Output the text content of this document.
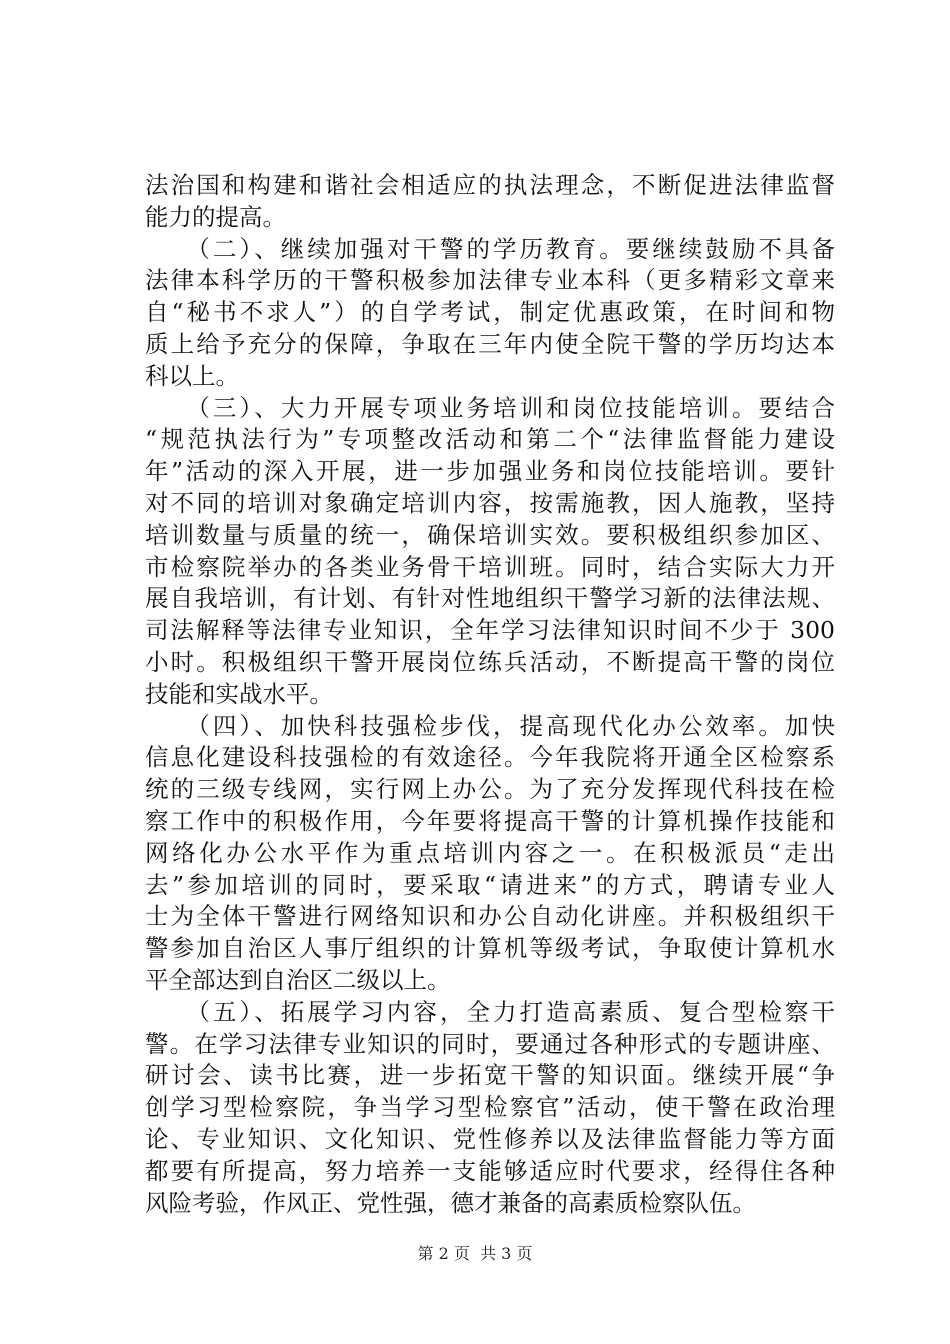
法治国和构建和谐社会相适应的执法理念，不断促进法律监督
能力的提高。
　　（二）、继续加强对干警的学历教育。要继续鼓励不具备
法律本科学历的干警积极参加法律专业本科（更多精彩文章来
自“秘书不求人”）的自学考试，制定优惠政策，在时间和物
质上给予充分的保障，争取在三年内使全院干警的学历均达本
科以上。
　　（三）、大力开展专项业务培训和岗位技能培训。要结合
“规范执法行为”专项整改活动和第二个“法律监督能力建设
年”活动的深入开展，进一步加强业务和岗位技能培训。要针
对不同的培训对象确定培训内容，按需施教，因人施教，坚持
培训数量与质量的统一，确保培训实效。要积极组织参加区、
市检察院举办的各类业务骨干培训班。同时，结合实际大力开
展自我培训，有计划、有针对性地组织干警学习新的法律法规、
司法解释等法律专业知识，全年学习法律知识时间不少于 300
小时。积极组织干警开展岗位练兵活动，不断提高干警的岗位
技能和实战水平。
　　（四）、加快科技强检步伐，提高现代化办公效率。加快
信息化建设科技强检的有效途径。今年我院将开通全区检察系
统的三级专线网，实行网上办公。为了充分发挥现代科技在检
察工作中的积极作用，今年要将提高干警的计算机操作技能和
网络化办公水平作为重点培训内容之一。在积极派员“走出
去”参加培训的同时，要采取“请进来”的方式，聘请专业人
士为全体干警进行网络知识和办公自动化讲座。并积极组织干
警参加自治区人事厅组织的计算机等级考试，争取使计算机水
平全部达到自治区二级以上。
　　（五）、拓展学习内容，全力打造高素质、复合型检察干
警。在学习法律专业知识的同时，要通过各种形式的专题讲座、
研讨会、读书比赛，进一步拓宽干警的知识面。继续开展“争
创学习型检察院，争当学习型检察官”活动，使干警在政治理
论、专业知识、文化知识、党性修养以及法律监督能力等方面
都要有所提高，努力培养一支能够适应时代要求，经得住各种
风险考验，作风正、党性强，德才兼备的高素质检察队伍。
第 2 页  共 3 页
